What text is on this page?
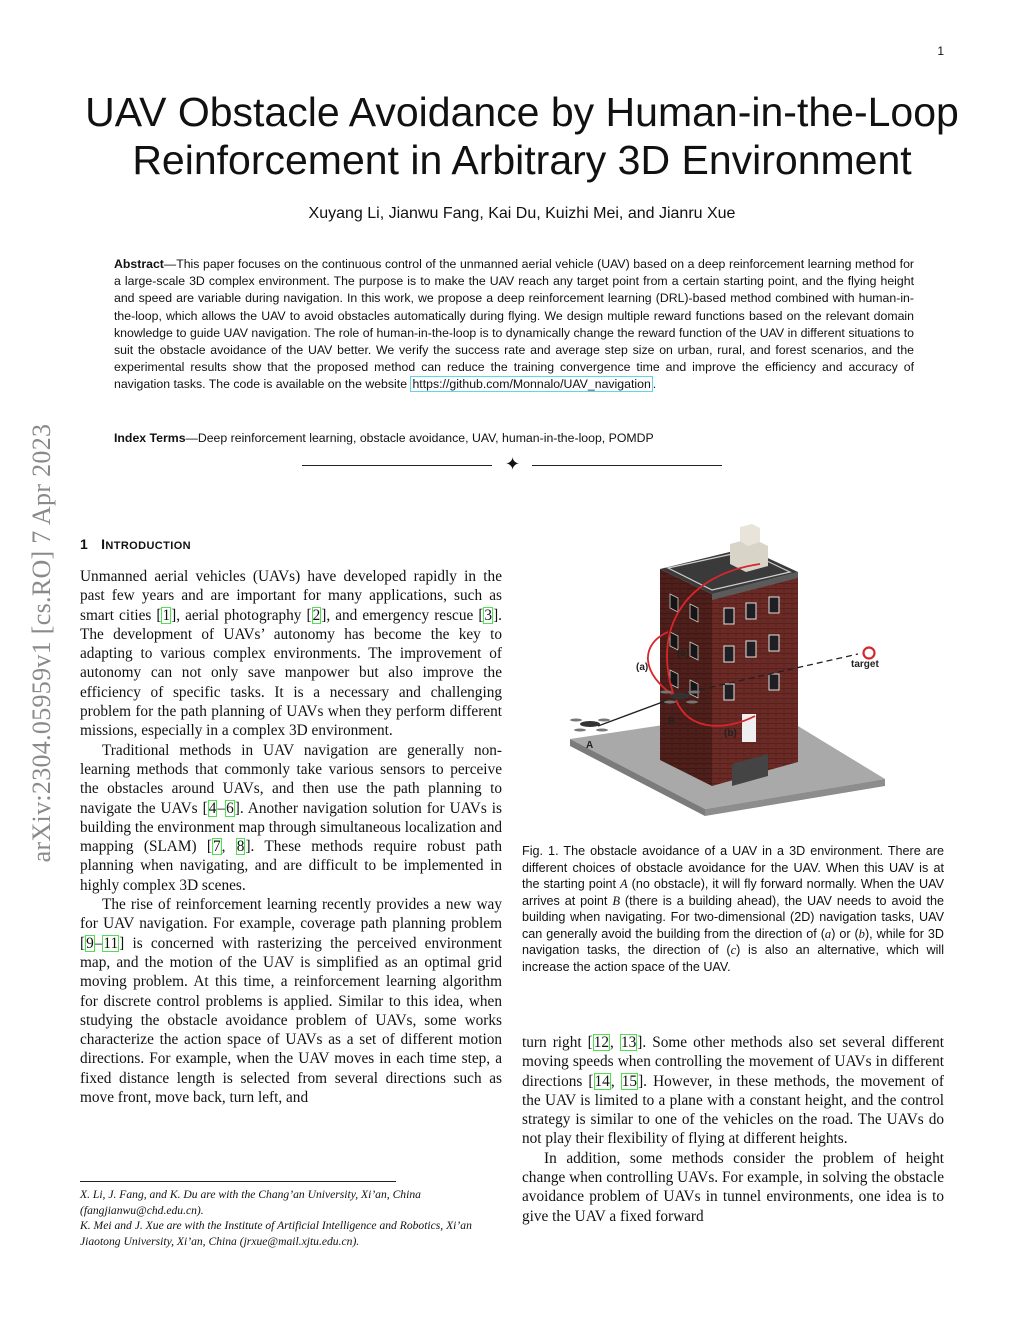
1
arXiv:2304.05959v1 [cs.RO] 7 Apr 2023
UAV Obstacle Avoidance by Human-in-the-Loop
Reinforcement in Arbitrary 3D Environment
Xuyang Li, Jianwu Fang, Kai Du, Kuizhi Mei, and Jianru Xue
Abstract—This paper focuses on the continuous control of the unmanned aerial vehicle (UAV) based on a deep reinforcement learning method for a large-scale 3D complex environment. The purpose is to make the UAV reach any target point from a certain starting point, and the flying height and speed are variable during navigation. In this work, we propose a deep reinforcement learning (DRL)-based method combined with human-in-the-loop, which allows the UAV to avoid obstacles automatically during flying. We design multiple reward functions based on the relevant domain knowledge to guide UAV navigation. The role of human-in-the-loop is to dynamically change the reward function of the UAV in different situations to suit the obstacle avoidance of the UAV better. We verify the success rate and average step size on urban, rural, and forest scenarios, and the experimental results show that the proposed method can reduce the training convergence time and improve the efficiency and accuracy of navigation tasks. The code is available on the website https://github.com/Monnalo/UAV_navigation .
Index Terms—Deep reinforcement learning, obstacle avoidance, UAV, human-in-the-loop, POMDP
✦
1 INTRODUCTION

Unmanned aerial vehicles (UAVs) have developed rapidly in the past few years and are important for many applications, such as smart cities [1], aerial photography [2], and emergency rescue [3]. The development of UAVs’ autonomy has become the key to adapting to various complex environments. The improvement of autonomy can not only save manpower but also improve the efficiency of specific tasks. It is a necessary and challenging problem for the path planning of UAVs when they perform different missions, especially in a complex 3D environment.

Traditional methods in UAV navigation are generally non-learning methods that commonly take various sensors to perceive the obstacles around UAVs, and then use the path planning to navigate the UAVs [4–6]. Another navigation solution for UAVs is building the environment map through simultaneous localization and mapping (SLAM) [7, 8]. These methods require robust path planning when navigating, and are difficult to be implemented in highly complex 3D scenes.

The rise of reinforcement learning recently provides a new way for UAV navigation. For example, coverage path planning problem [9–11] is concerned with rasterizing the perceived environment map, and the motion of the UAV is simplified as an optimal grid moving problem. At this time, a reinforcement learning algorithm for discrete control problems is applied. Similar to this idea, when studying the obstacle avoidance problem of UAVs, some works characterize the action space of UAVs as a set of different motion directions. For example, when the UAV moves in each time step, a fixed distance length is selected from several directions such as move front, move back, turn left, and

X. Li, J. Fang, and K. Du are with the Chang’an University, Xi’an, China (fangjianwu@chd.edu.cn).

K. Mei and J. Xue are with the Institute of Artificial Intelligence and Robotics, Xi’an Jiaotong University, Xi’an, China (jrxue@mail.xjtu.edu.cn).

(a)
(c)
(b)
A
B
target
Fig. 1. The obstacle avoidance of a UAV in a 3D environment. There are different choices of obstacle avoidance for the UAV. When this UAV is at the starting point A (no obstacle), it will fly forward normally. When the UAV arrives at point B (there is a building ahead), the UAV needs to avoid the building when navigating. For two-dimensional (2D) navigation tasks, UAV can generally avoid the building from the direction of (a) or (b), while for 3D navigation tasks, the direction of (c) is also an alternative, which will increase the action space of the UAV.

turn right [12, 13]. Some other methods also set several different moving speeds when controlling the movement of UAVs in different directions [14, 15]. However, in these methods, the movement of the UAV is limited to a plane with a constant height, and the control strategy is similar to one of the vehicles on the road. The UAVs do not play their flexibility of flying at different heights.

In addition, some methods consider the problem of height change when controlling UAVs. For example, in solving the obstacle avoidance problem of UAVs in tunnel environments, one idea is to give the UAV a fixed forward
